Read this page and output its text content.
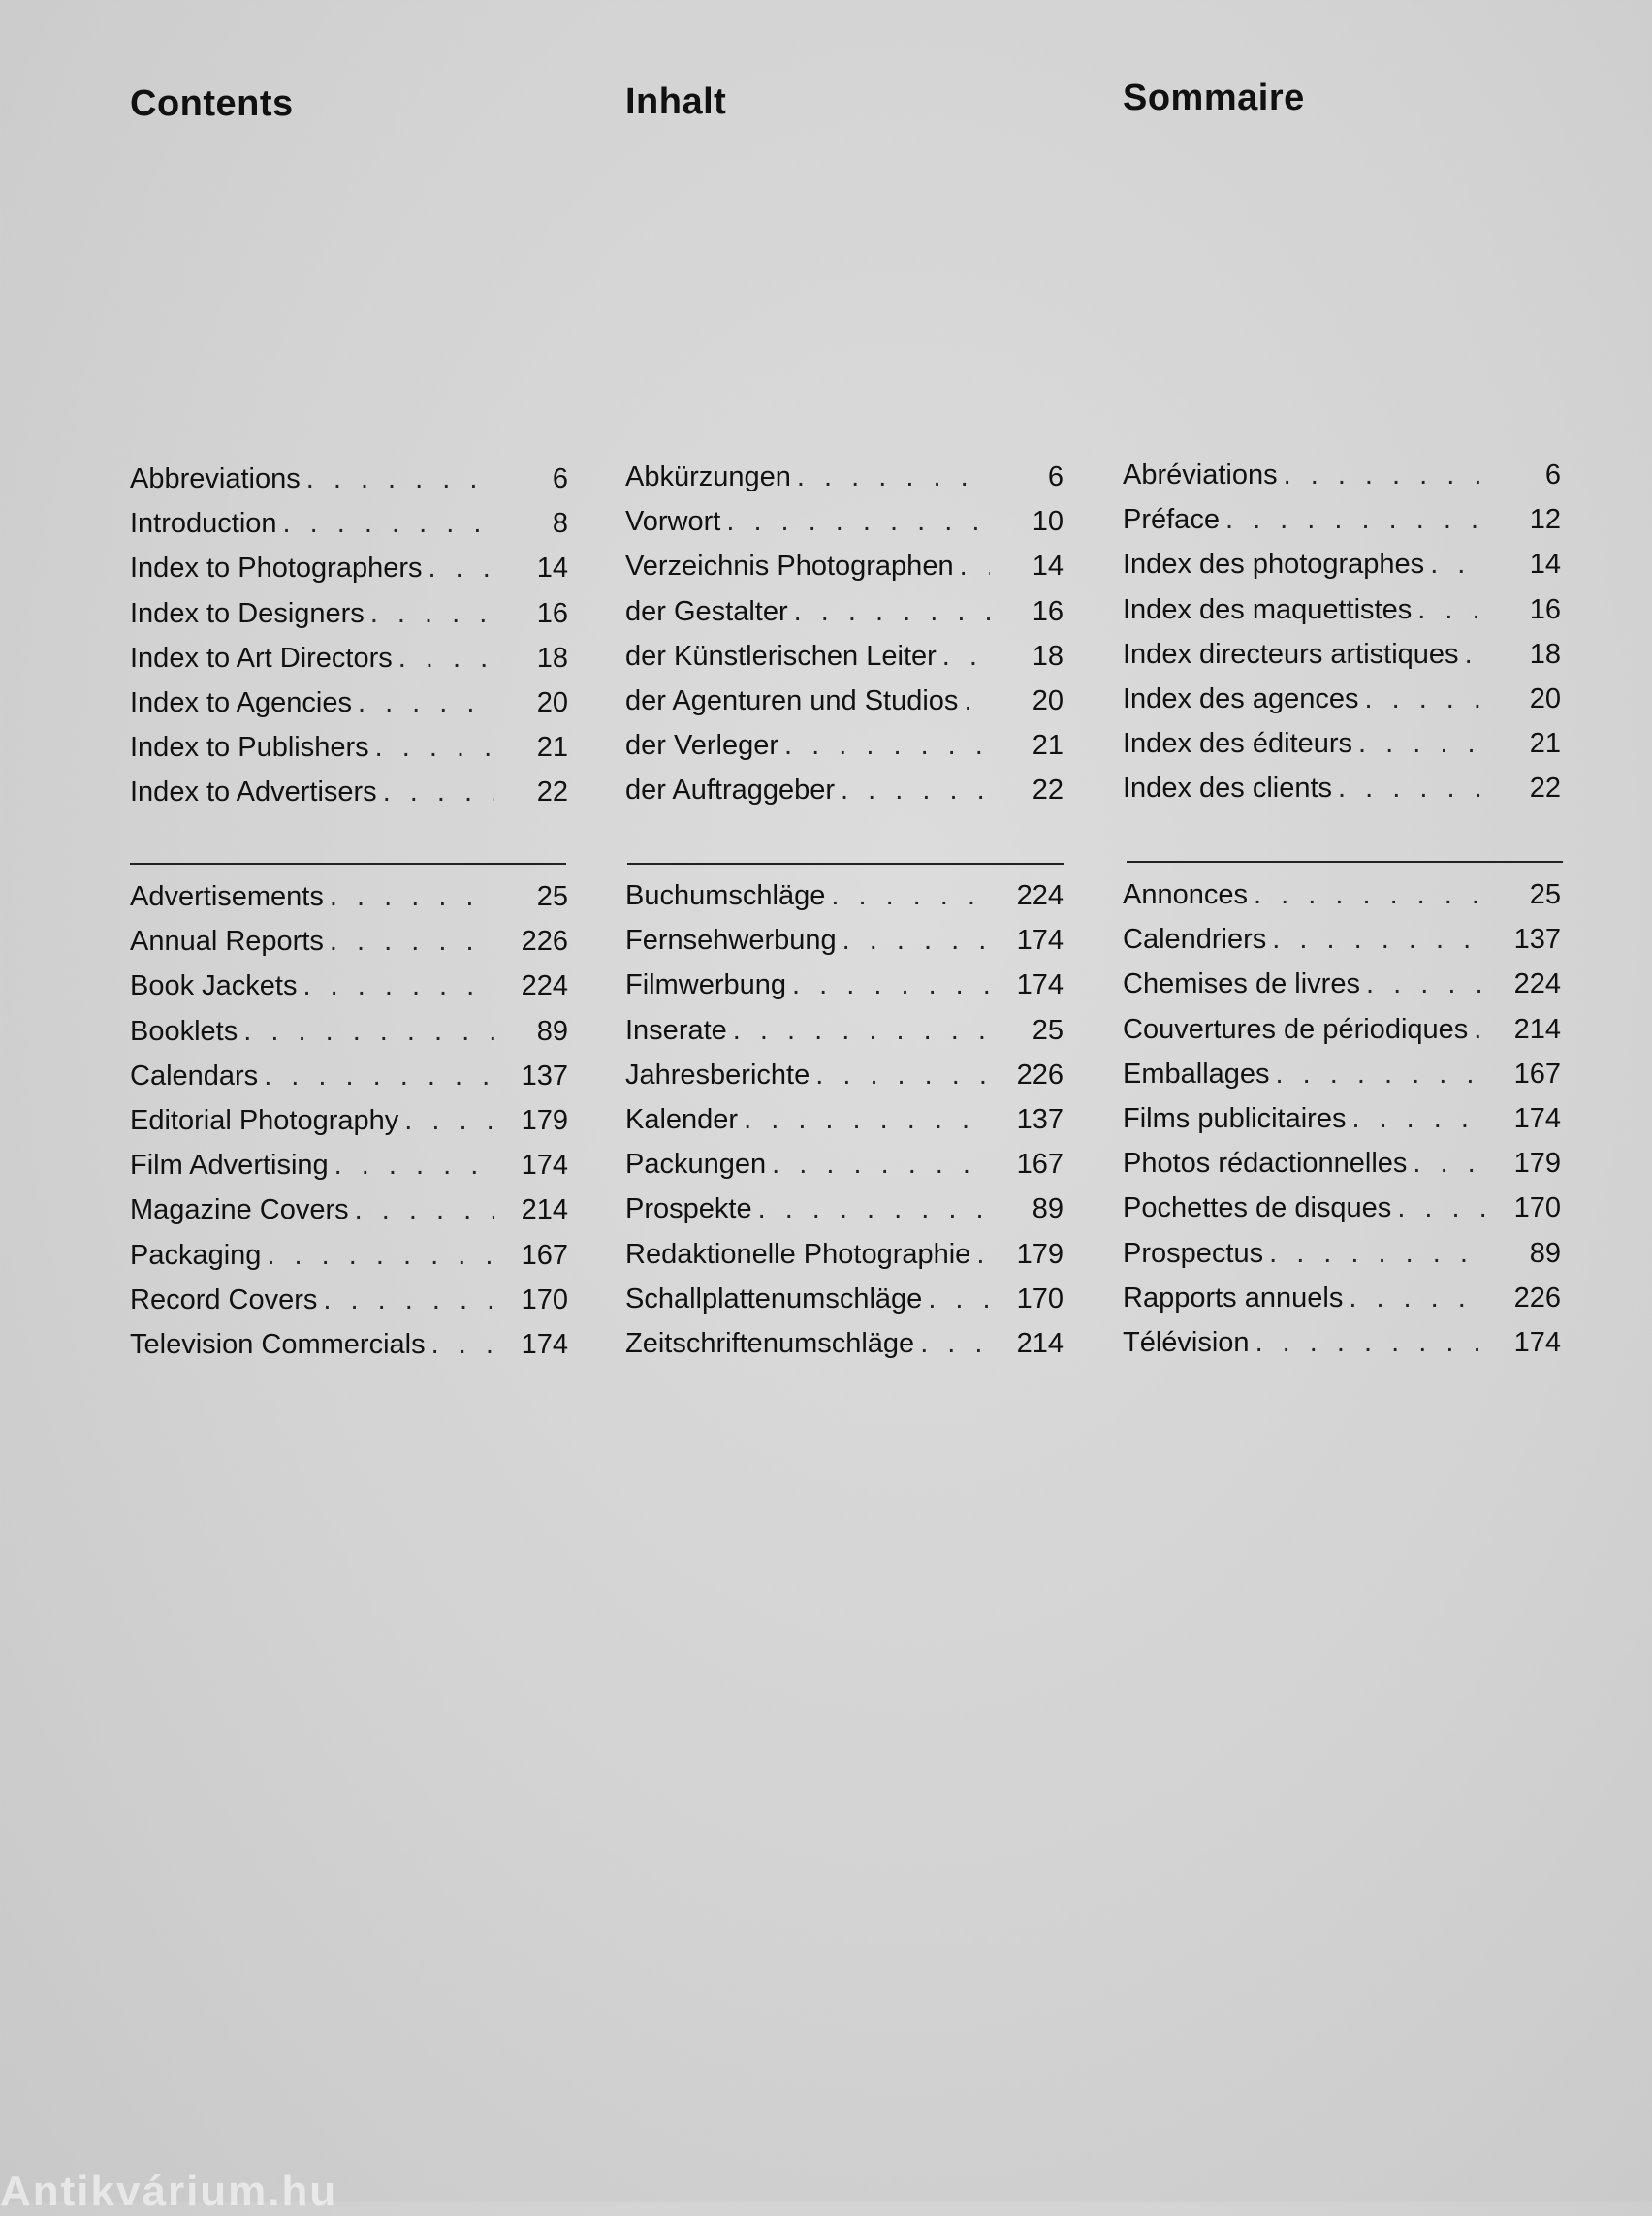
Contents
Abbreviations . . .	6
Introduction . . .	8
Index to Photographers . . .	14
Index to Designers . . .	16
Index to Art Directors . . .	18
Index to Agencies . . .	20
Index to Publishers . . .	21
Index to Advertisers . . .	22
Advertisements . . .	25
Annual Reports . . .	226
Book Jackets . . .	224
Booklets . . .	89
Calendars . . .	137
Editorial Photography . . .	179
Film Advertising . . .	174
Magazine Covers . . .	214
Packaging . . .	167
Record Covers . . .	170
Television Commercials . . .	174
Inhalt
Abkürzungen . . .	6
Vorwort . . .	10
Verzeichnis Photographen . . .	14
der Gestalter . . .	16
der Künstlerischen Leiter . . .	18
der Agenturen und Studios . . .	20
der Verleger . . .	21
der Auftraggeber . . .	22
Buchumschläge . . .	224
Fernsehwerbung . . .	174
Filmwerbung . . .	174
Inserate . . .	25
Jahresberichte . . .	226
Kalender . . .	137
Packungen . . .	167
Prospekte . . .	89
Redaktionelle Photographie . . .	179
Schallplattenumschläge . . .	170
Zeitschriftenumschläge . . .	214
Sommaire
Abréviations . . .	6
Préface . . .	12
Index des photographes . . .	14
Index des maquettistes . . .	16
Index directeurs artistiques . . .	18
Index des agences . . .	20
Index des éditeurs . . .	21
Index des clients . . .	22
Annonces . . .	25
Calendriers . . .	137
Chemises de livres . . .	224
Couvertures de périodiques . . .	214
Emballages . . .	167
Films publicitaires . . .	174
Photos rédactionnelles . . .	179
Pochettes de disques . . .	170
Prospectus . . .	89
Rapports annuels . . .	226
Télévision . . .	174
Antikvárium.hu
